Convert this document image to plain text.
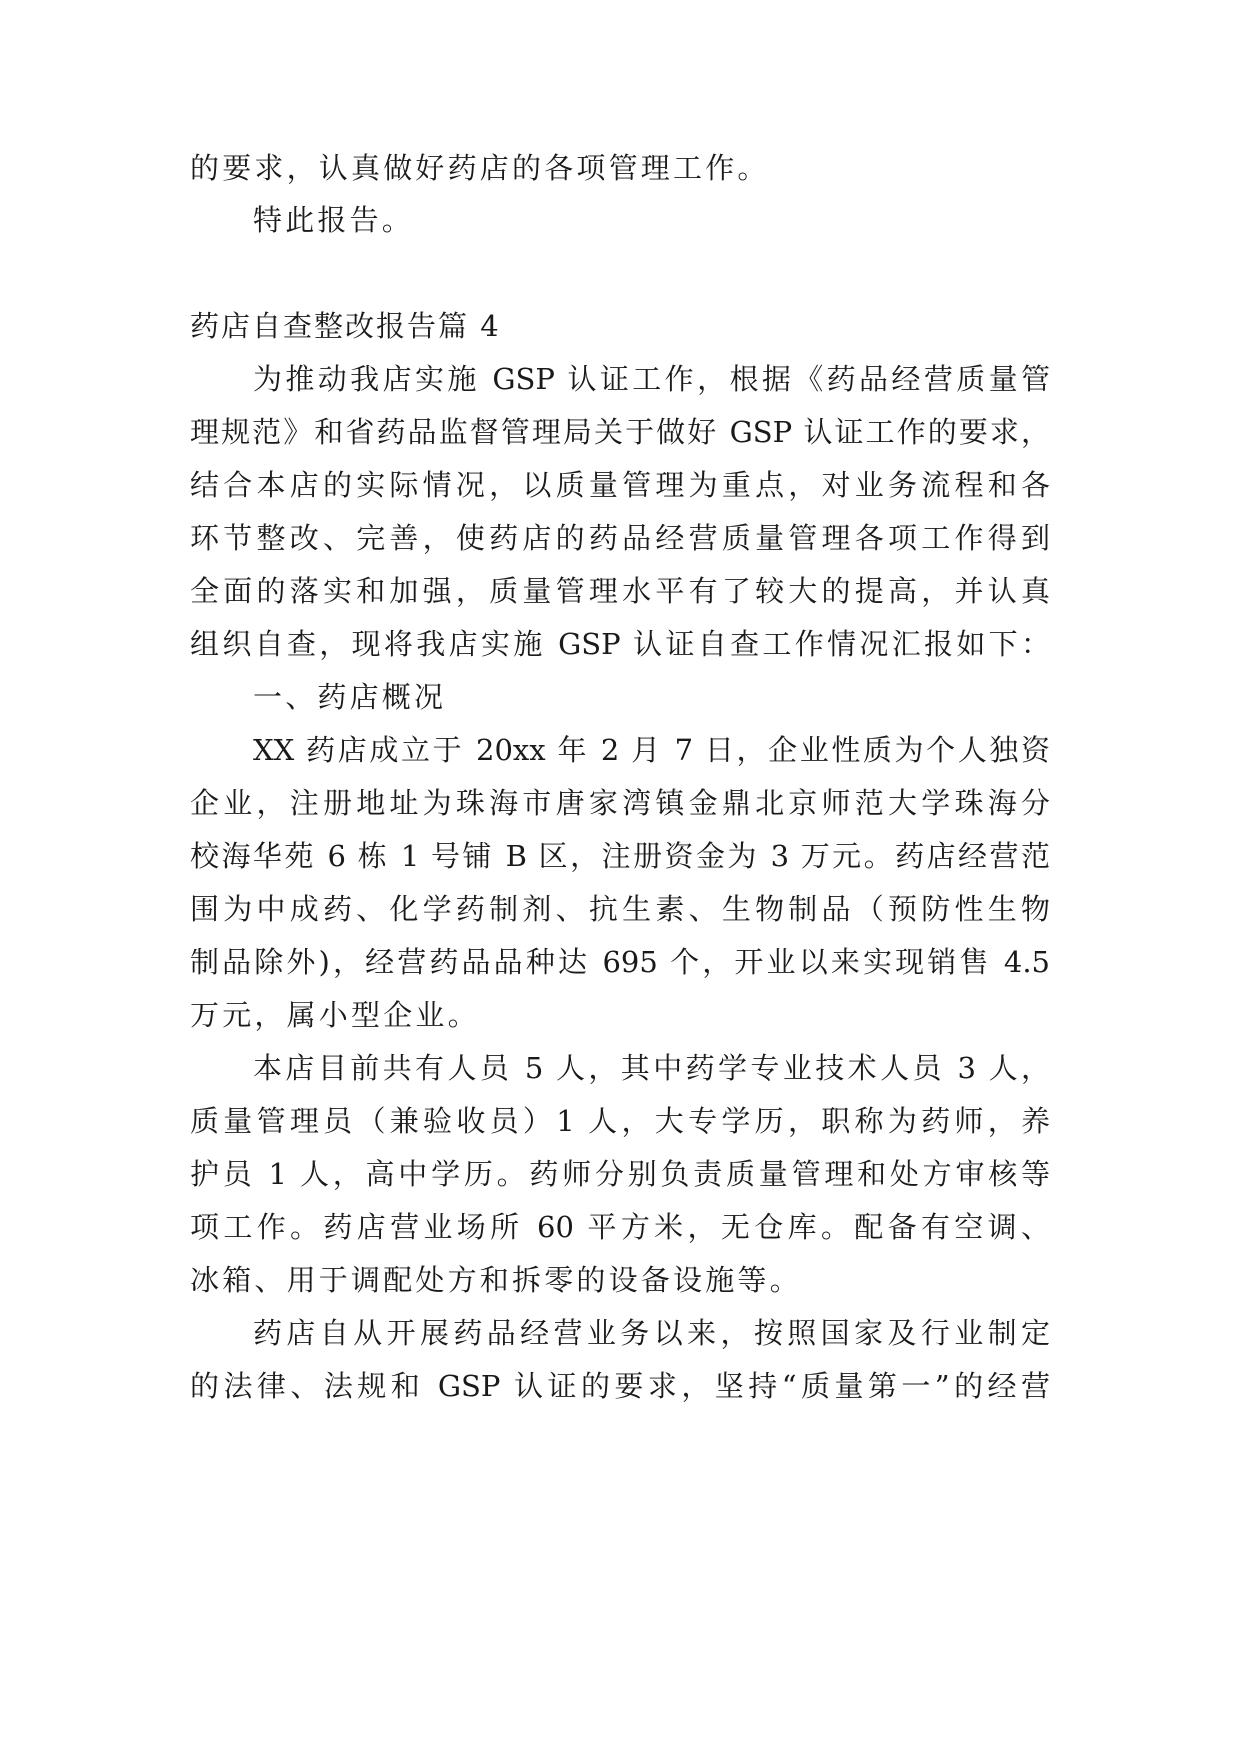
的要求，认真做好药店的各项管理工作。
特此报告。
药店自查整改报告篇 4
为推动我店实施 GSP 认证工作，根据《药品经营质量管
理规范》和省药品监督管理局关于做好 GSP 认证工作的要求，
结合本店的实际情况，以质量管理为重点，对业务流程和各
环节整改、完善，使药店的药品经营质量管理各项工作得到
全面的落实和加强，质量管理水平有了较大的提高，并认真
组织自查，现将我店实施 GSP 认证自查工作情况汇报如下：
一、药店概况
XX 药店成立于 20xx 年 2 月 7 日，企业性质为个人独资
企业，注册地址为珠海市唐家湾镇金鼎北京师范大学珠海分
校海华苑 6 栋 1 号铺 B 区，注册资金为 3 万元。药店经营范
围为中成药、化学药制剂、抗生素、生物制品（预防性生物
制品除外)，经营药品品种达 695 个，开业以来实现销售 4.5
万元，属小型企业。
本店目前共有人员 5 人，其中药学专业技术人员 3 人，
质量管理员（兼验收员）1 人，大专学历，职称为药师，养
护员 1 人，高中学历。药师分别负责质量管理和处方审核等
项工作。药店营业场所 60 平方米，无仓库。配备有空调、
冰箱、用于调配处方和拆零的设备设施等。
药店自从开展药品经营业务以来，按照国家及行业制定
的法律、法规和 GSP 认证的要求，坚持“质量第一”的经营
